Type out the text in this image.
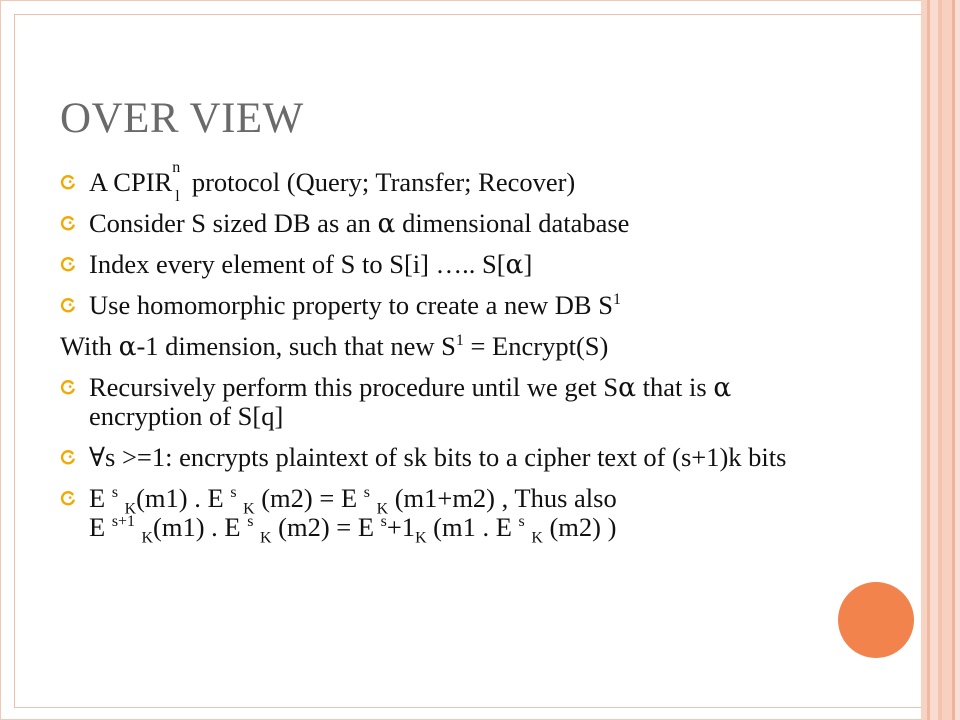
OVER VIEW
A CPIR n
l protocol (Query; Transfer; Recover)
Consider S sized DB as an α dimensional database
Index every element of S to S[i] ….. S[α]
Use homomorphic property to create a new DB $S^1$
With α-1 dimension, such that new $S^1$ = Encrypt(S)
Recursively perform this procedure until we get Sα that is α encryption of S[q]
∀s >=1: encrypts plaintext of sk bits to a cipher text of (s+1)k bits
E $^s$ $_K$(m1) . E $^s$ $_K$ (m2) = E $^s$ $_K$ (m1+m2) , Thus also
E $^{s+1}$ $_K$(m1) . E $^s$ $_K$ (m2) = E $^s+1_K$ (m1 . E $^s$ $_K$ (m2) )
